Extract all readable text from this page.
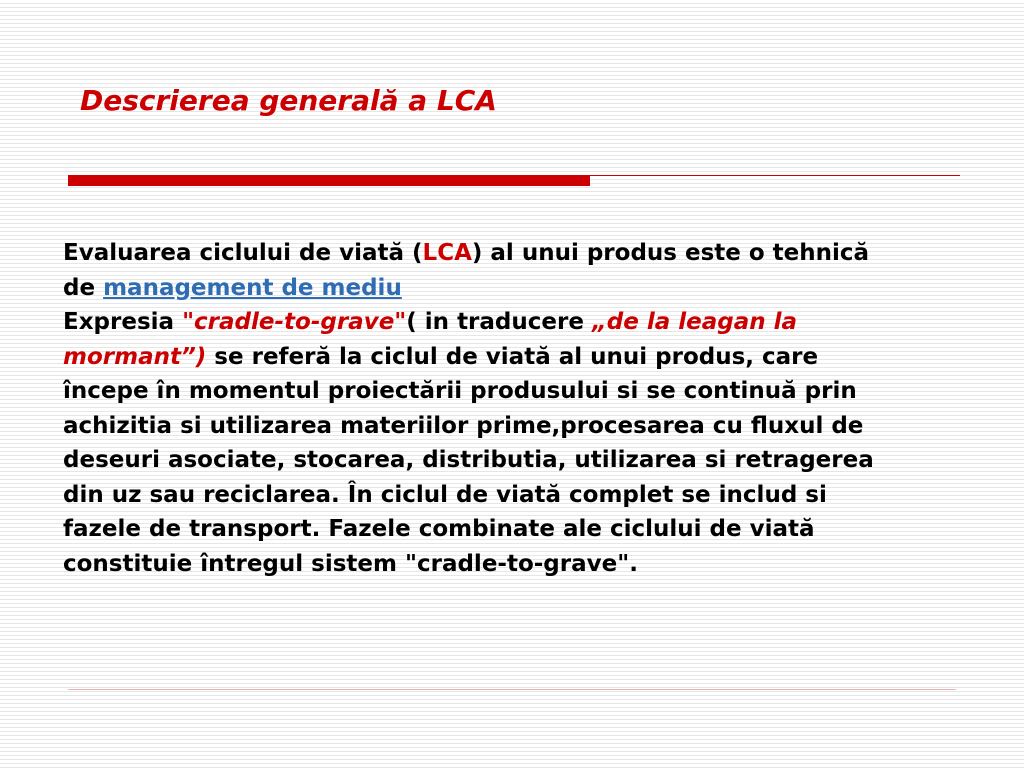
Descrierea generală a LCA
Evaluarea ciclului de viată (LCA) al unui produs este o tehnică de management de mediu
Expresia "cradle-to-grave"( in traducere „de la leagan la mormant”) se referă la ciclul de viată al unui produs, care începe în momentul proiectării produsului si se continuă prin achizitia si utilizarea materiilor prime,procesarea cu fluxul de deseuri asociate, stocarea, distributia, utilizarea si retragerea din uz sau reciclarea. În ciclul de viată complet se includ si fazele de transport. Fazele combinate ale ciclului de viată constituie întregul sistem "cradle-to-grave".
